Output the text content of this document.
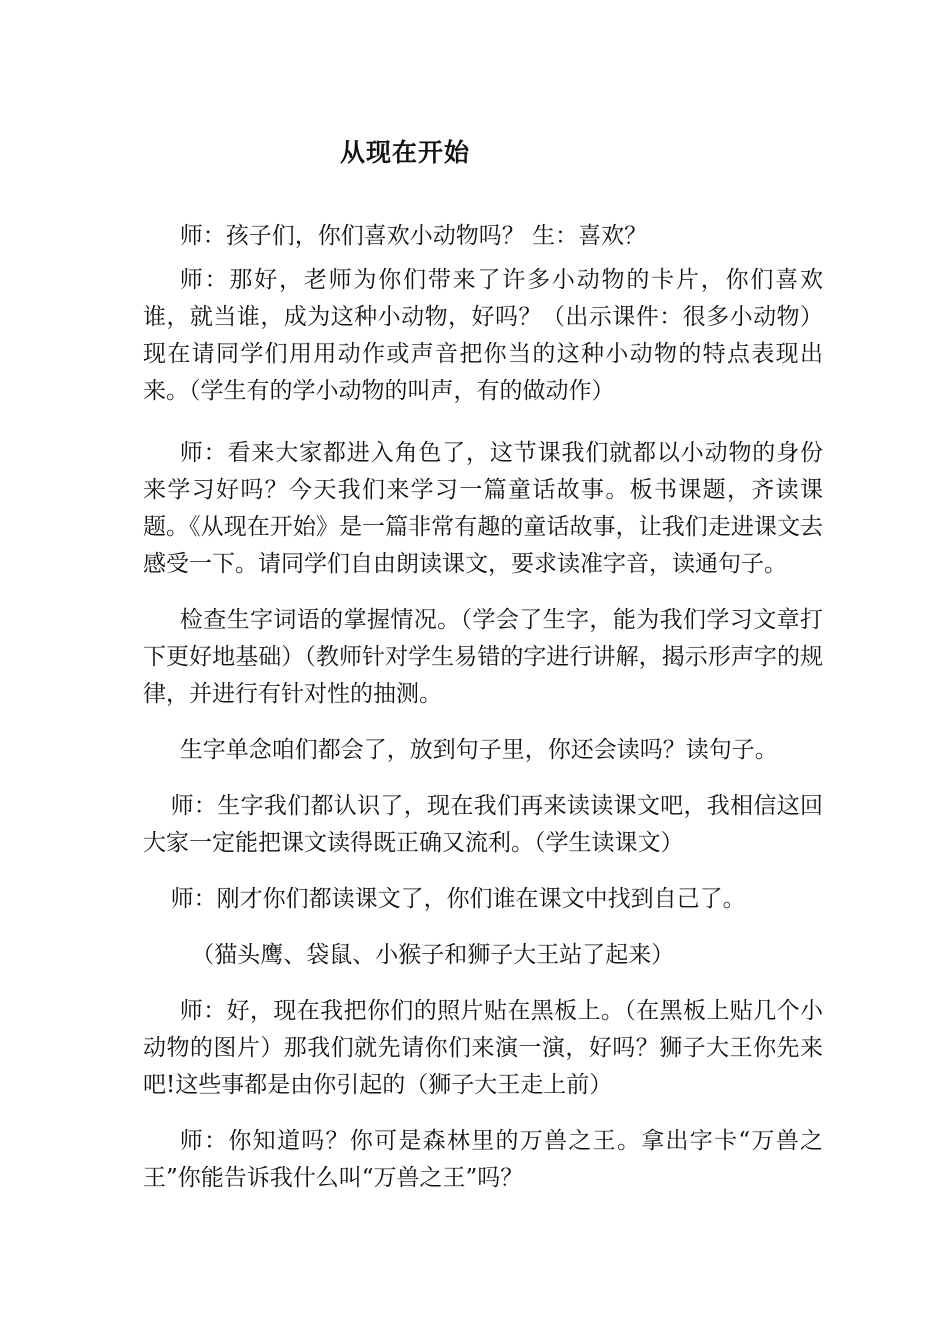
从现在开始

师：孩子们，你们喜欢小动物吗？ 生：喜欢？

师：那好，老师为你们带来了许多小动物的卡片，你们喜欢谁，就当谁，成为这种小动物，好吗？（出示课件：很多小动物）现在请同学们用用动作或声音把你当的这种小动物的特点表现出来。（学生有的学小动物的叫声，有的做动作）

师：看来大家都进入角色了，这节课我们就都以小动物的身份来学习好吗？今天我们来学习一篇童话故事。板书课题，齐读课题。《从现在开始》是一篇非常有趣的童话故事，让我们走进课文去感受一下。请同学们自由朗读课文，要求读准字音，读通句子。

检查生字词语的掌握情况。（学会了生字，能为我们学习文章打下更好地基础）（教师针对学生易错的字进行讲解，揭示形声字的规律，并进行有针对性的抽测。

生字单念咱们都会了，放到句子里，你还会读吗？读句子。

师：生字我们都认识了，现在我们再来读读课文吧，我相信这回大家一定能把课文读得既正确又流利。（学生读课文）

师：刚才你们都读课文了，你们谁在课文中找到自己了。

（猫头鹰、袋鼠、小猴子和狮子大王站了起来）

师：好，现在我把你们的照片贴在黑板上。（在黑板上贴几个小动物的图片）那我们就先请你们来演一演，好吗？狮子大王你先来吧!这些事都是由你引起的（狮子大王走上前）

师：你知道吗？你可是森林里的万兽之王。拿出字卡“万兽之王”你能告诉我什么叫“万兽之王”吗？
